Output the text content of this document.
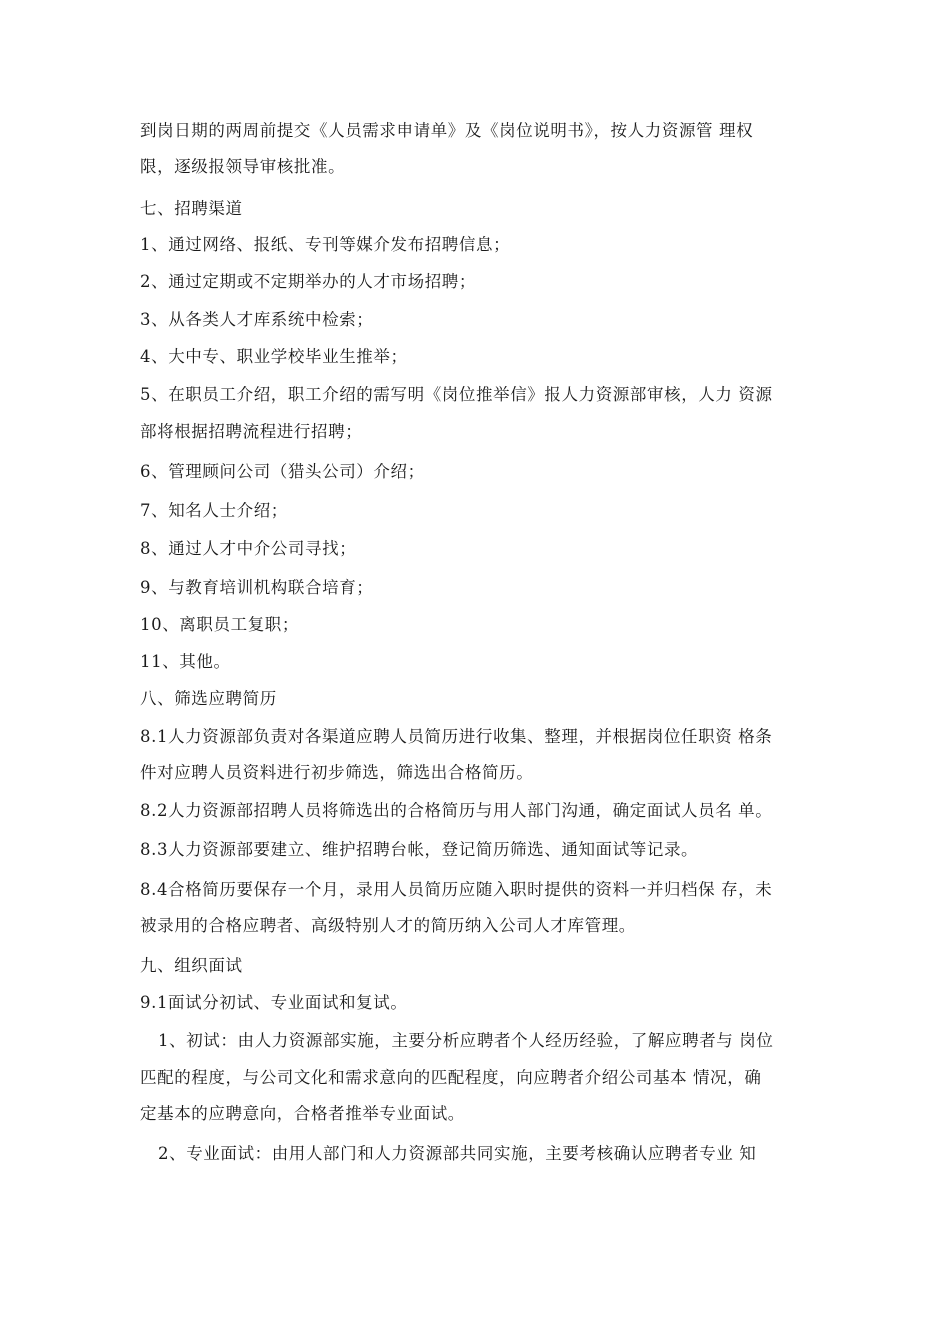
到岗日期的两周前提交《人员需求申请单》及《岗位说明书》，按人力资源管 理权
限，逐级报领导审核批准。
七、招聘渠道
1、通过网络、报纸、专刊等媒介发布招聘信息；
2、通过定期或不定期举办的人才市场招聘；
3、从各类人才库系统中检索；
4、大中专、职业学校毕业生推举；
5、在职员工介绍，职工介绍的需写明《岗位推举信》报人力资源部审核，人力 资源
部将根据招聘流程进行招聘；
6、管理顾问公司（猎头公司）介绍；
7、知名人士介绍；
8、通过人才中介公司寻找；
9、与教育培训机构联合培育；
10、离职员工复职；
11、其他。
八、筛选应聘简历
8.1人力资源部负责对各渠道应聘人员简历进行收集、整理，并根据岗位任职资 格条
件对应聘人员资料进行初步筛选，筛选出合格简历。
8.2人力资源部招聘人员将筛选出的合格简历与用人部门沟通，确定面试人员名 单。
8.3人力资源部要建立、维护招聘台帐，登记简历筛选、通知面试等记录。
8.4合格简历要保存一个月，录用人员简历应随入职时提供的资料一并归档保 存，未
被录用的合格应聘者、高级特别人才的简历纳入公司人才库管理。
九、组织面试
9.1面试分初试、专业面试和复试。
1、初试：由人力资源部实施，主要分析应聘者个人经历经验，了解应聘者与 岗位
匹配的程度，与公司文化和需求意向的匹配程度，向应聘者介绍公司基本 情况，确
定基本的应聘意向，合格者推举专业面试。
2、专业面试：由用人部门和人力资源部共同实施，主要考核确认应聘者专业 知
